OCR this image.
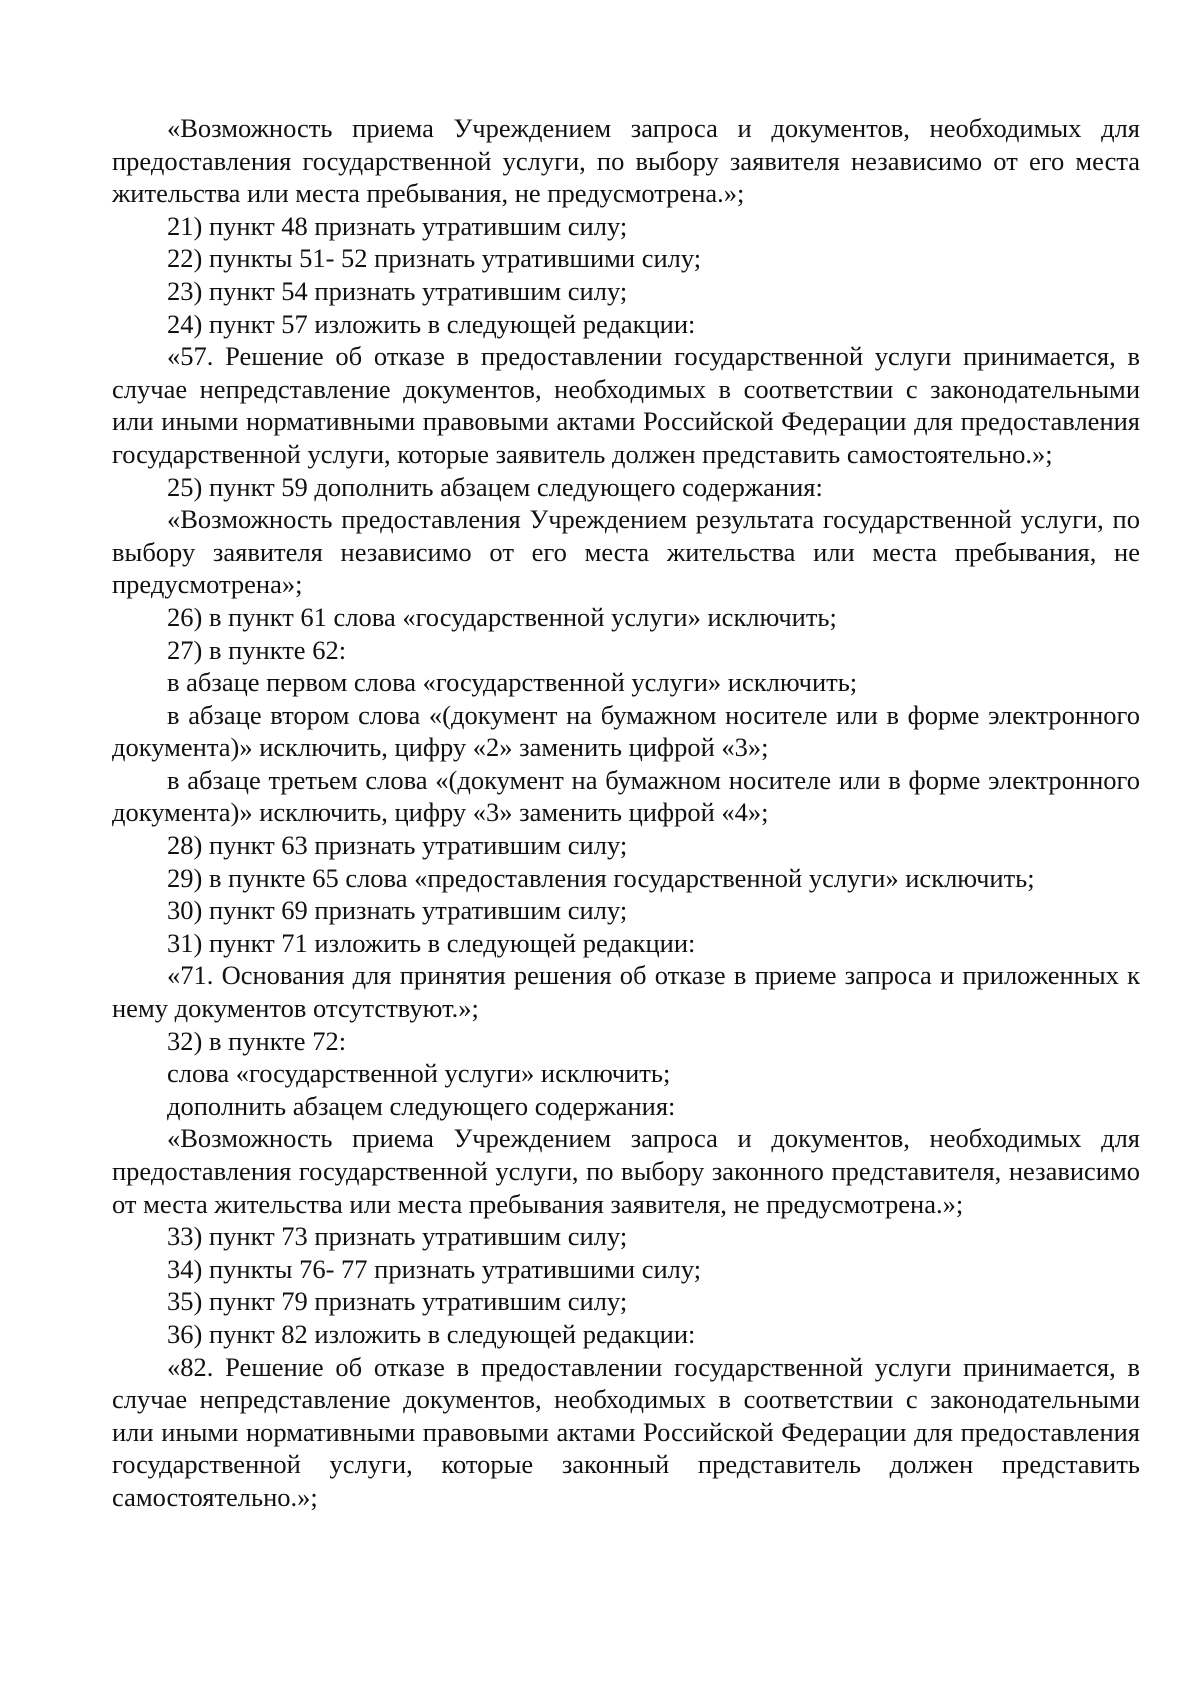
«Возможность приема Учреждением запроса и документов, необходимых для предоставления государственной услуги, по выбору заявителя независимо от его места жительства или места пребывания, не предусмотрена.»;

21) пункт 48 признать утратившим силу;

22) пункты 51- 52 признать утратившими силу;

23) пункт 54 признать утратившим силу;

24) пункт 57 изложить в следующей редакции:

«57. Решение об отказе в предоставлении государственной услуги принимается, в случае непредставление документов, необходимых в соответствии с законодательными или иными нормативными правовыми актами Российской Федерации для предоставления государственной услуги, которые заявитель должен представить самостоятельно.»;

25) пункт 59 дополнить абзацем следующего содержания:

«Возможность предоставления Учреждением результата государственной услуги, по выбору заявителя независимо от его места жительства или места пребывания, не предусмотрена»;

26) в пункт 61 слова «государственной услуги» исключить;

27) в пункте 62:

в абзаце первом слова «государственной услуги» исключить;

в абзаце втором слова «(документ на бумажном носителе или в форме электронного документа)» исключить, цифру «2» заменить цифрой «3»;

в абзаце третьем слова «(документ на бумажном носителе или в форме электронного документа)» исключить, цифру «3» заменить цифрой «4»;

28) пункт 63 признать утратившим силу;

29) в пункте 65 слова «предоставления государственной услуги» исключить;

30) пункт 69 признать утратившим силу;

31) пункт 71 изложить в следующей редакции:

«71. Основания для принятия решения об отказе в приеме запроса и приложенных к нему документов отсутствуют.»;

32) в пункте 72:

слова «государственной услуги» исключить;

дополнить абзацем следующего содержания:

«Возможность приема Учреждением запроса и документов, необходимых для предоставления государственной услуги, по выбору законного представителя, независимо от места жительства или места пребывания заявителя, не предусмотрена.»;

33) пункт 73 признать утратившим силу;

34) пункты 76- 77 признать утратившими силу;

35) пункт 79 признать утратившим силу;

36) пункт 82 изложить в следующей редакции:

«82. Решение об отказе в предоставлении государственной услуги принимается, в случае непредставление документов, необходимых в соответствии с законодательными или иными нормативными правовыми актами Российской Федерации для предоставления государственной услуги, которые законный представитель должен представить самостоятельно.»;
